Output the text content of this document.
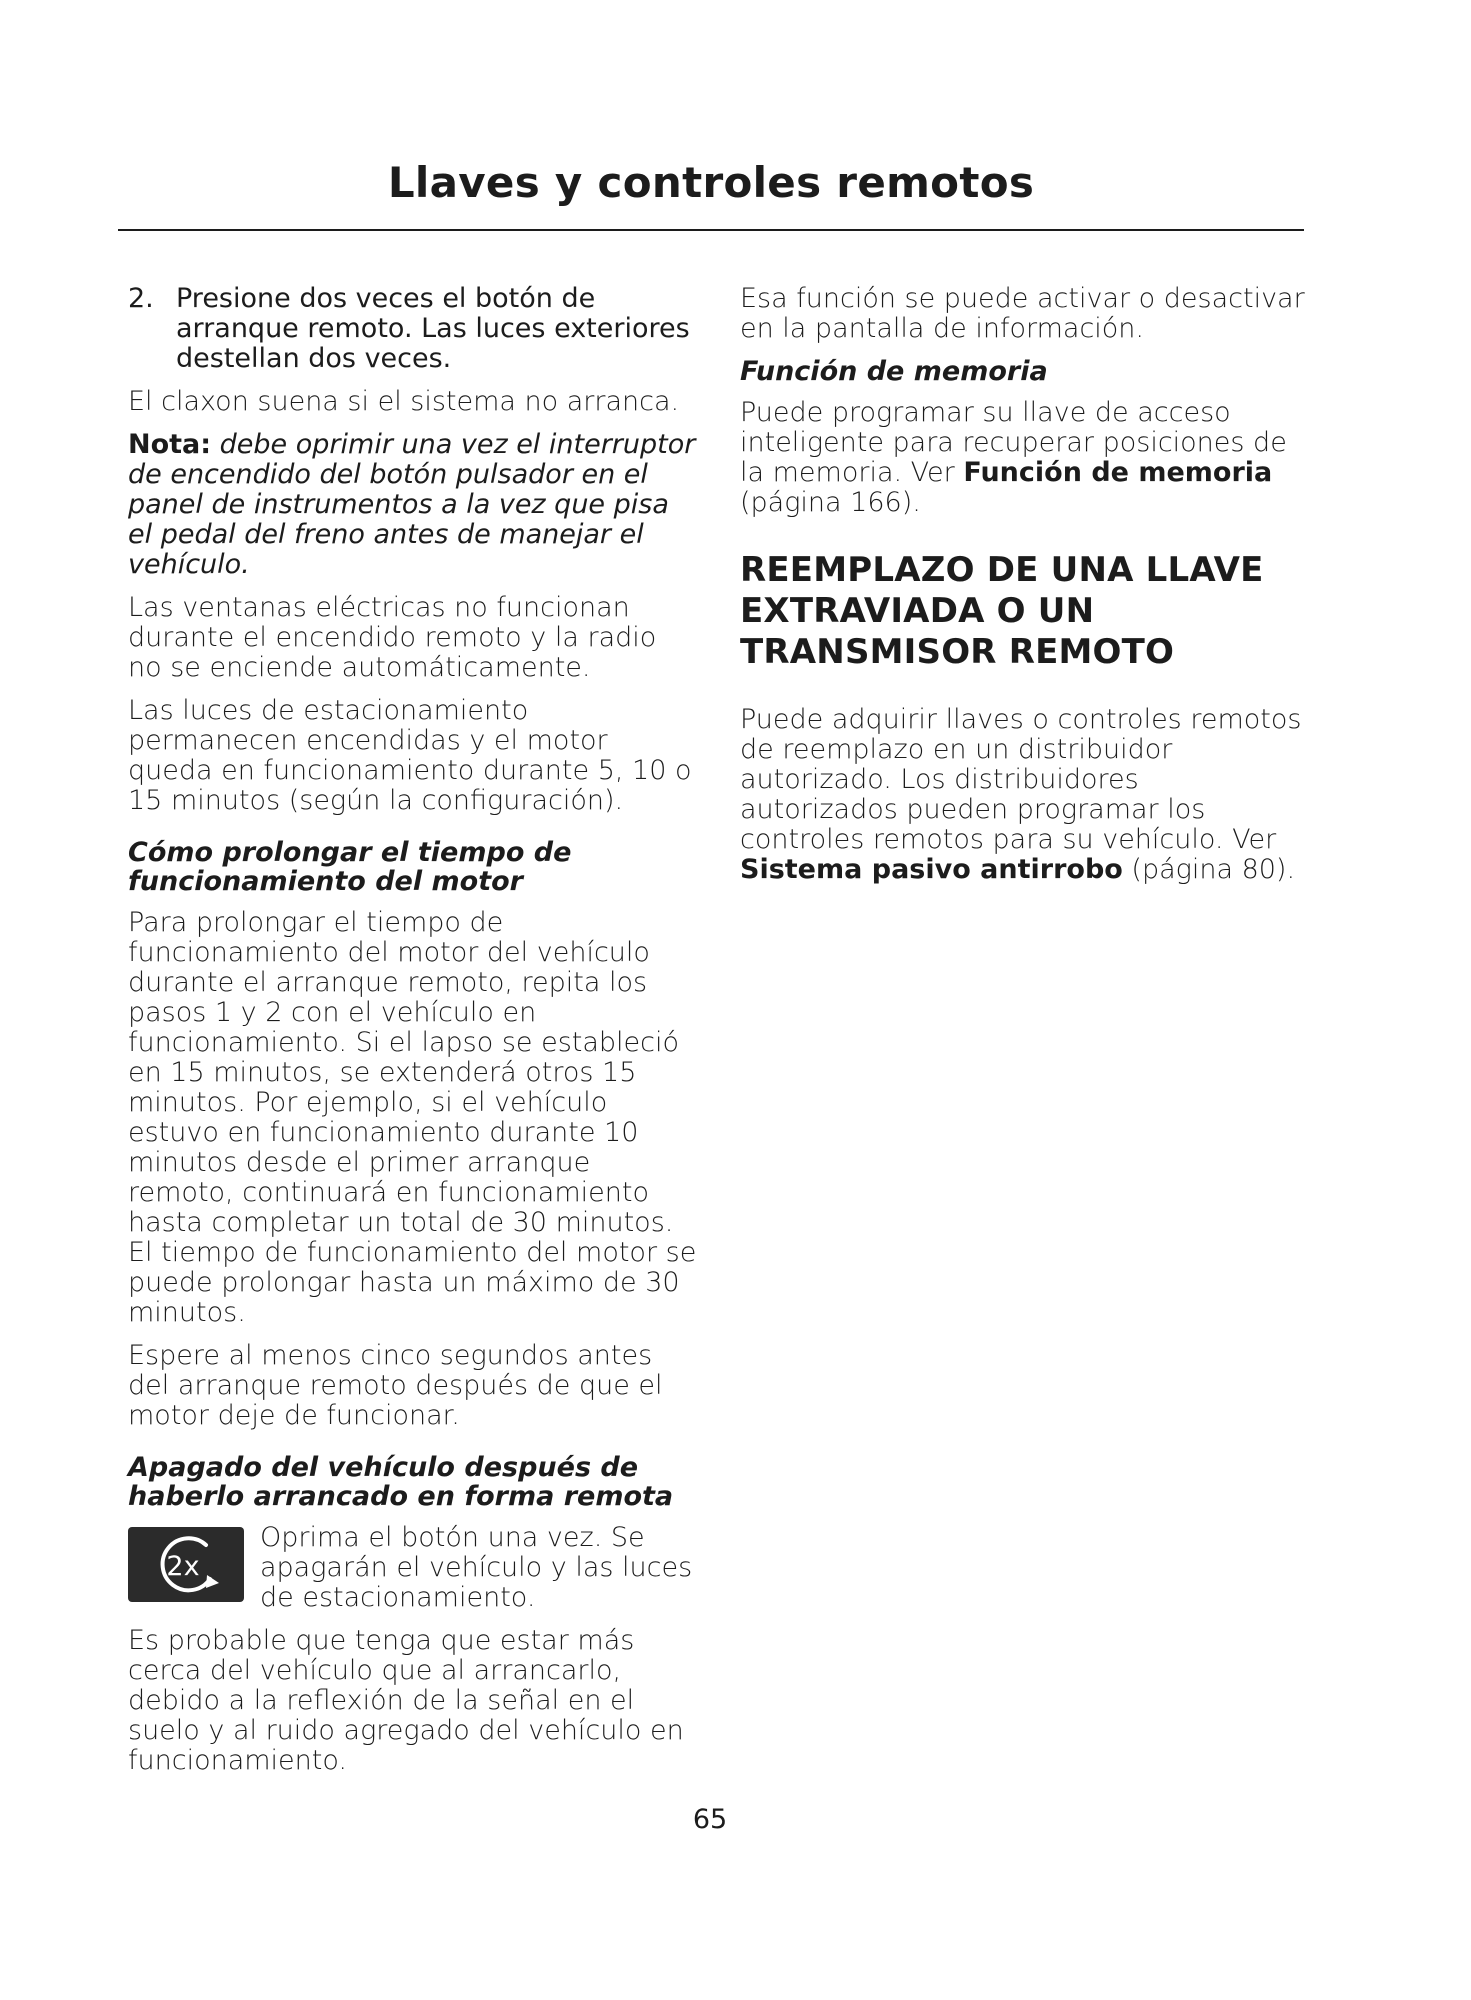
Llaves y controles remotos
2. Presione dos veces el botón de arranque remoto. Las luces exteriores destellan dos veces.

El claxon suena si el sistema no arranca.

Nota: debe oprimir una vez el interruptor de encendido del botón pulsador en el panel de instrumentos a la vez que pisa el pedal del freno antes de manejar el vehículo.

Las ventanas eléctricas no funcionan durante el encendido remoto y la radio no se enciende automáticamente.

Las luces de estacionamiento permanecen encendidas y el motor queda en funcionamiento durante 5, 10 o 15 minutos (según la configuración).

Cómo prolongar el tiempo de funcionamiento del motor

Para prolongar el tiempo de funcionamiento del motor del vehículo durante el arranque remoto, repita los pasos 1 y 2 con el vehículo en funcionamiento. Si el lapso se estableció en 15 minutos, se extenderá otros 15 minutos. Por ejemplo, si el vehículo estuvo en funcionamiento durante 10 minutos desde el primer arranque remoto, continuará en funcionamiento hasta completar un total de 30 minutos. El tiempo de funcionamiento del motor se puede prolongar hasta un máximo de 30 minutos.

Espere al menos cinco segundos antes del arranque remoto después de que el motor deje de funcionar.

Apagado del vehículo después de haberlo arrancado en forma remota
2x

Oprima el botón una vez. Se apagarán el vehículo y las luces de estacionamiento.

Es probable que tenga que estar más cerca del vehículo que al arrancarlo, debido a la reflexión de la señal en el suelo y al ruido agregado del vehículo en funcionamiento.

Esa función se puede activar o desactivar en la pantalla de información.

Función de memoria

Puede programar su llave de acceso inteligente para recuperar posiciones de la memoria. Ver Función de memoria (página 166).

REEMPLAZO DE UNA LLAVE EXTRAVIADA O UN TRANSMISOR REMOTO

Puede adquirir llaves o controles remotos de reemplazo en un distribuidor autorizado. Los distribuidores autorizados pueden programar los controles remotos para su vehículo. Ver Sistema pasivo antirrobo (página 80).

65
